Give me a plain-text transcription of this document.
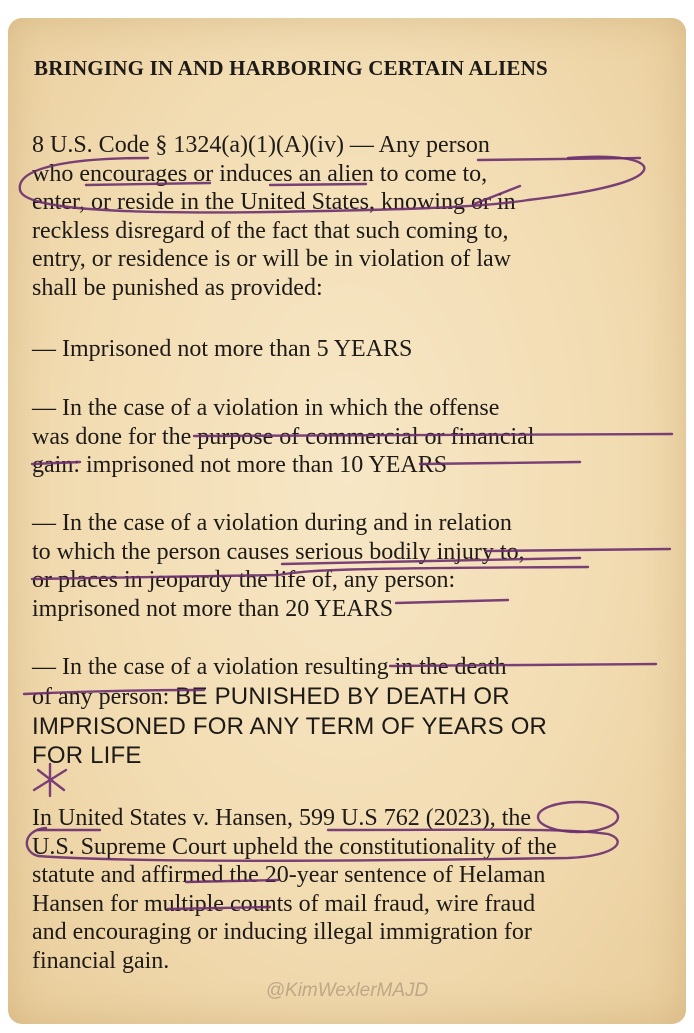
BRINGING IN AND HARBORING CERTAIN ALIENS
8 U.S. Code § 1324(a)(1)(A)(iv) — Any person
who encourages or induces an alien to come to,
enter, or reside in the United States, knowing or in
reckless disregard of the fact that such coming to,
entry, or residence is or will be in violation of law
shall be punished as provided:
— Imprisoned not more than 5 YEARS
— In the case of a violation in which the offense
was done for the purpose of commercial or financial
gain: imprisoned not more than 10 YEARS
— In the case of a violation during and in relation
to which the person causes serious bodily injury to,
or places in jeopardy the life of, any person:
imprisoned not more than 20 YEARS
— In the case of a violation resulting in the death
of any person: BE PUNISHED BY DEATH OR
IMPRISONED FOR ANY TERM OF YEARS OR
FOR LIFE
In United States v. Hansen, 599 U.S 762 (2023), the
U.S. Supreme Court upheld the constitutionality of the
statute and affirmed the 20-year sentence of Helaman
Hansen for multiple counts of mail fraud, wire fraud
and encouraging or inducing illegal immigration for
financial gain.
@KimWexlerMAJD
